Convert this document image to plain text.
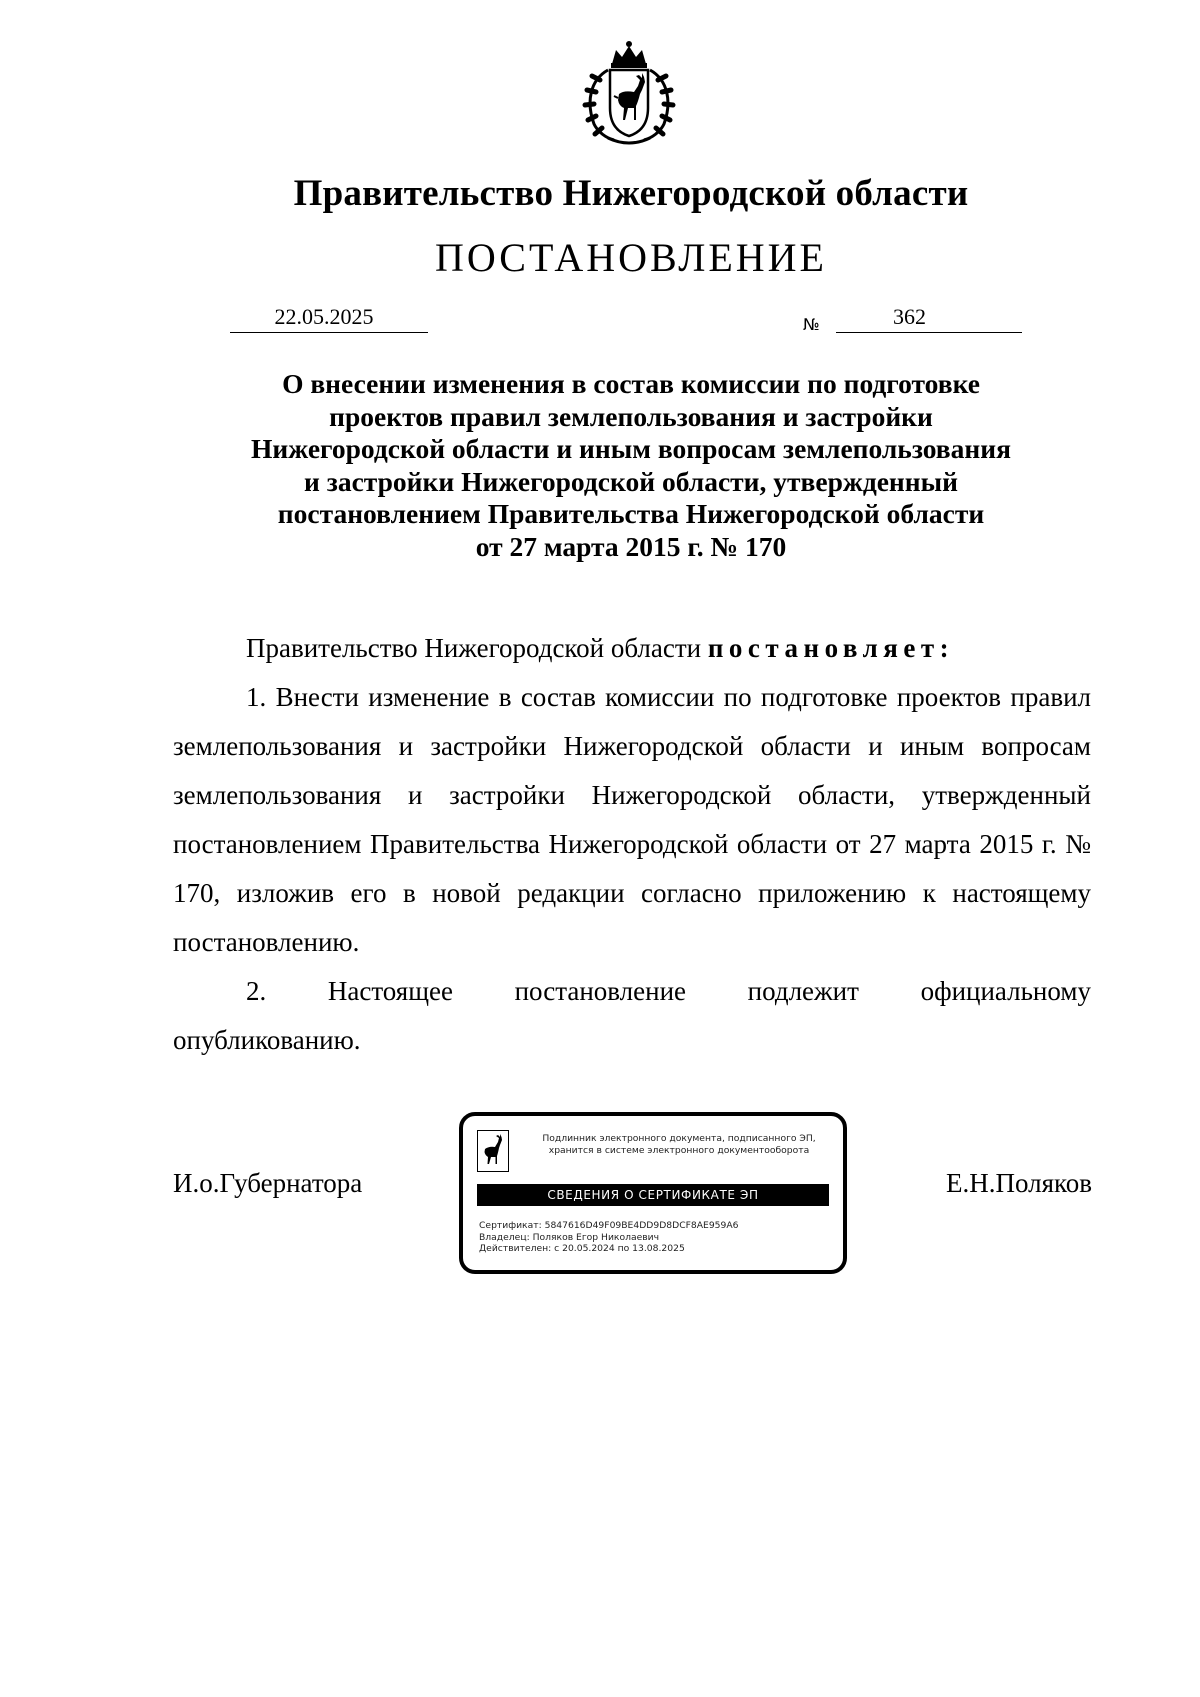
Правительство Нижегородской области
ПОСТАНОВЛЕНИЕ
22.05.2025	№	362
О внесении изменения в состав комиссии по подготовке
проектов правил землепользования и застройки
Нижегородской области и иным вопросам землепользования
и застройки Нижегородской области, утвержденный
постановлением Правительства Нижегородской области
от 27 марта 2015 г. № 170

Правительство Нижегородской области постановляет:

1. Внести изменение в состав комиссии по подготовке проектов правил землепользования и застройки Нижегородской области и иным вопросам землепользования и застройки Нижегородской области, утвержденный постановлением Правительства Нижегородской области от 27 марта 2015 г. № 170, изложив его в новой редакции согласно приложению к настоящему постановлению.

2. Настоящее постановление подлежит официальному

опубликованию.

И.о.Губернатора	Е.Н.Поляков
Подлинник электронного документа, подписанного ЭП,
хранится в системе электронного документооборота
СВЕДЕНИЯ О СЕРТИФИКАТЕ ЭП
Сертификат: 5847616D49F09BE4DD9D8DCF8AE959A6
Владелец: Поляков Егор Николаевич
Действителен: с 20.05.2024 по 13.08.2025
